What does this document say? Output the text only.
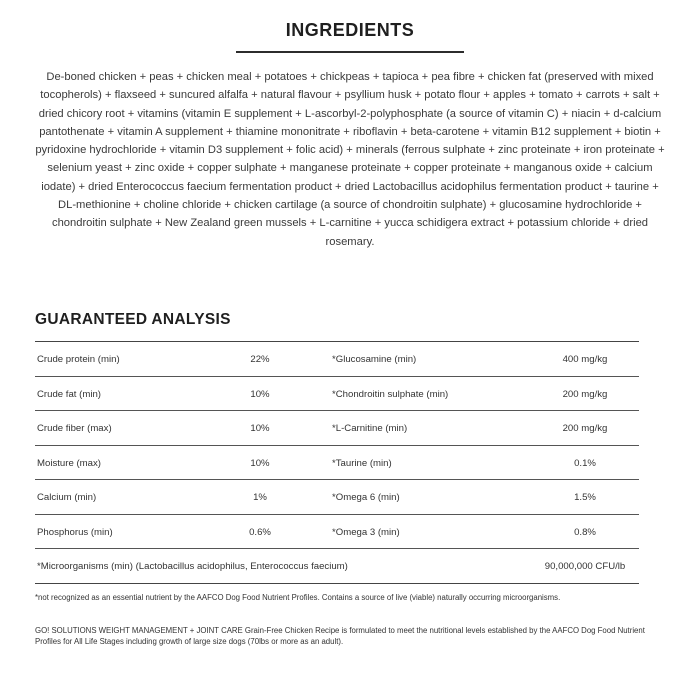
INGREDIENTS
De-boned chicken + peas + chicken meal + potatoes + chickpeas + tapioca + pea fibre + chicken fat (preserved with mixed tocopherols) + flaxseed + suncured alfalfa + natural flavour + psyllium husk + potato flour + apples + tomato + carrots + salt + dried chicory root + vitamins (vitamin E supplement + L-ascorbyl-2-polyphosphate (a source of vitamin C) + niacin + d-calcium pantothenate + vitamin A supplement + thiamine mononitrate + riboflavin + beta-carotene + vitamin B12 supplement + biotin + pyridoxine hydrochloride + vitamin D3 supplement + folic acid) + minerals (ferrous sulphate + zinc proteinate + iron proteinate + selenium yeast + zinc oxide + copper sulphate + manganese proteinate + copper proteinate + manganous oxide + calcium iodate) + dried Enterococcus faecium fermentation product + dried Lactobacillus acidophilus fermentation product + taurine + DL-methionine + choline chloride + chicken cartilage (a source of chondroitin sulphate) + glucosamine hydrochloride + chondroitin sulphate + New Zealand green mussels + L-carnitine + yucca schidigera extract + potassium chloride + dried rosemary.
GUARANTEED ANALYSIS
Crude protein (min)	22%	*Glucosamine (min)	400 mg/kg
Crude fat (min)	10%	*Chondroitin sulphate (min)	200 mg/kg
Crude fiber (max)	10%	*L-Carnitine (min)	200 mg/kg
Moisture (max)	10%	*Taurine (min)	0.1%
Calcium (min)	1%	*Omega 6 (min)	1.5%
Phosphorus (min)	0.6%	*Omega 3 (min)	0.8%
*Microorganisms (min) (Lactobacillus acidophilus, Enterococcus faecium)	90,000,000 CFU/lb
*not recognized as an essential nutrient by the AAFCO Dog Food Nutrient Profiles. Contains a source of live (viable) naturally occurring microorganisms.
GO! SOLUTIONS WEIGHT MANAGEMENT + JOINT CARE Grain-Free Chicken Recipe is formulated to meet the nutritional levels established by the AAFCO Dog Food Nutrient Profiles for All Life Stages including growth of large size dogs (70lbs or more as an adult).
